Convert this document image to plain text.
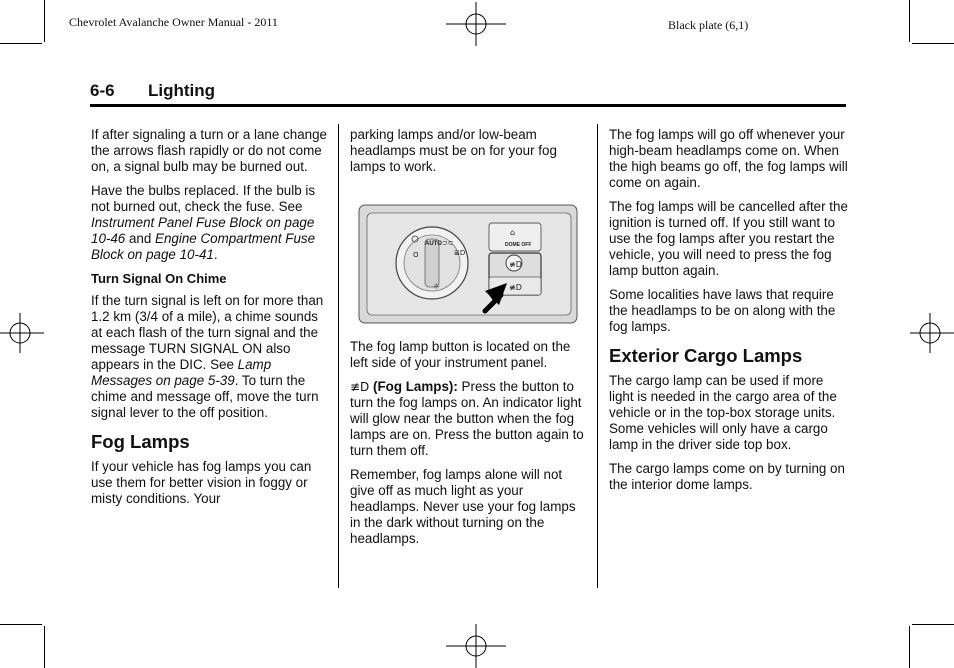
Chevrolet Avalanche Owner Manual - 2011	Black plate (6,1)
6-6 Lighting

If after signaling a turn or a lane change the arrows flash rapidly or do not come on, a signal bulb may be burned out.

Have the bulbs replaced. If the bulb is not burned out, check the fuse. See Instrument Panel Fuse Block on page 10-46 and Engine Compartment Fuse Block on page 10-41.

Turn Signal On Chime

If the turn signal is left on for more than 1.2 km (3/4 of a mile), a chime sounds at each flash of the turn signal and the message TURN SIGNAL ON also appears in the DIC. See Lamp Messages on page 5-39. To turn the chime and message off, move the turn signal lever to the off position.

Fog Lamps

If your vehicle has fog lamps you can use them for better vision in foggy or misty conditions. Your

parking lamps and/or low-beam headlamps must be on for your fog lamps to work.

AUTO ⊃⊂
≣D
O
☼
⌂
DOME OFF
≢D
≢D

The fog lamp button is located on the left side of your instrument panel.

≢D (Fog Lamps): Press the button to turn the fog lamps on. An indicator light will glow near the button when the fog lamps are on. Press the button again to turn them off.

Remember, fog lamps alone will not give off as much light as your headlamps. Never use your fog lamps in the dark without turning on the headlamps.

The fog lamps will go off whenever your high-beam headlamps come on. When the high beams go off, the fog lamps will come on again.

The fog lamps will be cancelled after the ignition is turned off. If you still want to use the fog lamps after you restart the vehicle, you will need to press the fog lamp button again.

Some localities have laws that require the headlamps to be on along with the fog lamps.

Exterior Cargo Lamps

The cargo lamp can be used if more light is needed in the cargo area of the vehicle or in the top-box storage units. Some vehicles will only have a cargo lamp in the driver side top box.

The cargo lamps come on by turning on the interior dome lamps.
